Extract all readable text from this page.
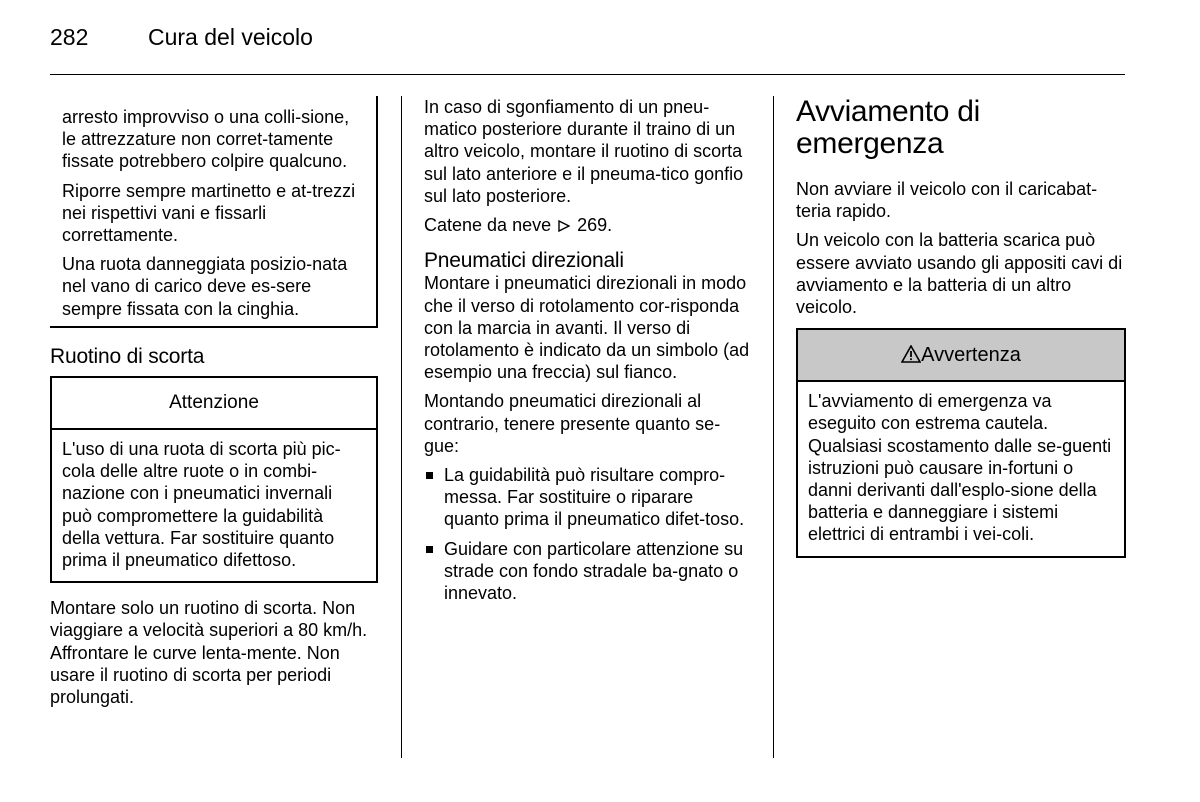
282	Cura del veicolo

arresto improvviso o una colli-sione, le attrezzature non corret-tamente fissate potrebbero colpire qualcuno.

Riporre sempre martinetto e at-trezzi nei rispettivi vani e fissarli correttamente.

Una ruota danneggiata posizio-nata nel vano di carico deve es-sere sempre fissata con la cinghia.

Ruotino di scorta
Attenzione
L'uso di una ruota di scorta più pic-cola delle altre ruote o in combi-nazione con i pneumatici invernali può compromettere la guidabilità della vettura. Far sostituire quanto prima il pneumatico difettoso.

Montare solo un ruotino di scorta. Non viaggiare a velocità superiori a 80 km/h. Affrontare le curve lenta-mente. Non usare il ruotino di scorta per periodi prolungati.

In caso di sgonfiamento di un pneu-matico posteriore durante il traino di un altro veicolo, montare il ruotino di scorta sul lato anteriore e il pneuma-tico gonfio sul lato posteriore.

Catene da neve 269.

Pneumatici direzionali

Montare i pneumatici direzionali in modo che il verso di rotolamento cor-risponda con la marcia in avanti. Il verso di rotolamento è indicato da un simbolo (ad esempio una freccia) sul fianco.

Montando pneumatici direzionali al contrario, tenere presente quanto se-gue:

La guidabilità può risultare compro-messa. Far sostituire o riparare quanto prima il pneumatico difet-toso.
Guidare con particolare attenzione su strade con fondo stradale ba-gnato o innevato.
Avviamento di emergenza

Non avviare il veicolo con il caricabat-teria rapido.

Un veicolo con la batteria scarica può essere avviato usando gli appositi cavi di avviamento e la batteria di un altro veicolo.

Avvertenza
L'avviamento di emergenza va eseguito con estrema cautela. Qualsiasi scostamento dalle se-guenti istruzioni può causare in-fortuni o danni derivanti dall'esplo-sione della batteria e danneggiare i sistemi elettrici di entrambi i vei-coli.
